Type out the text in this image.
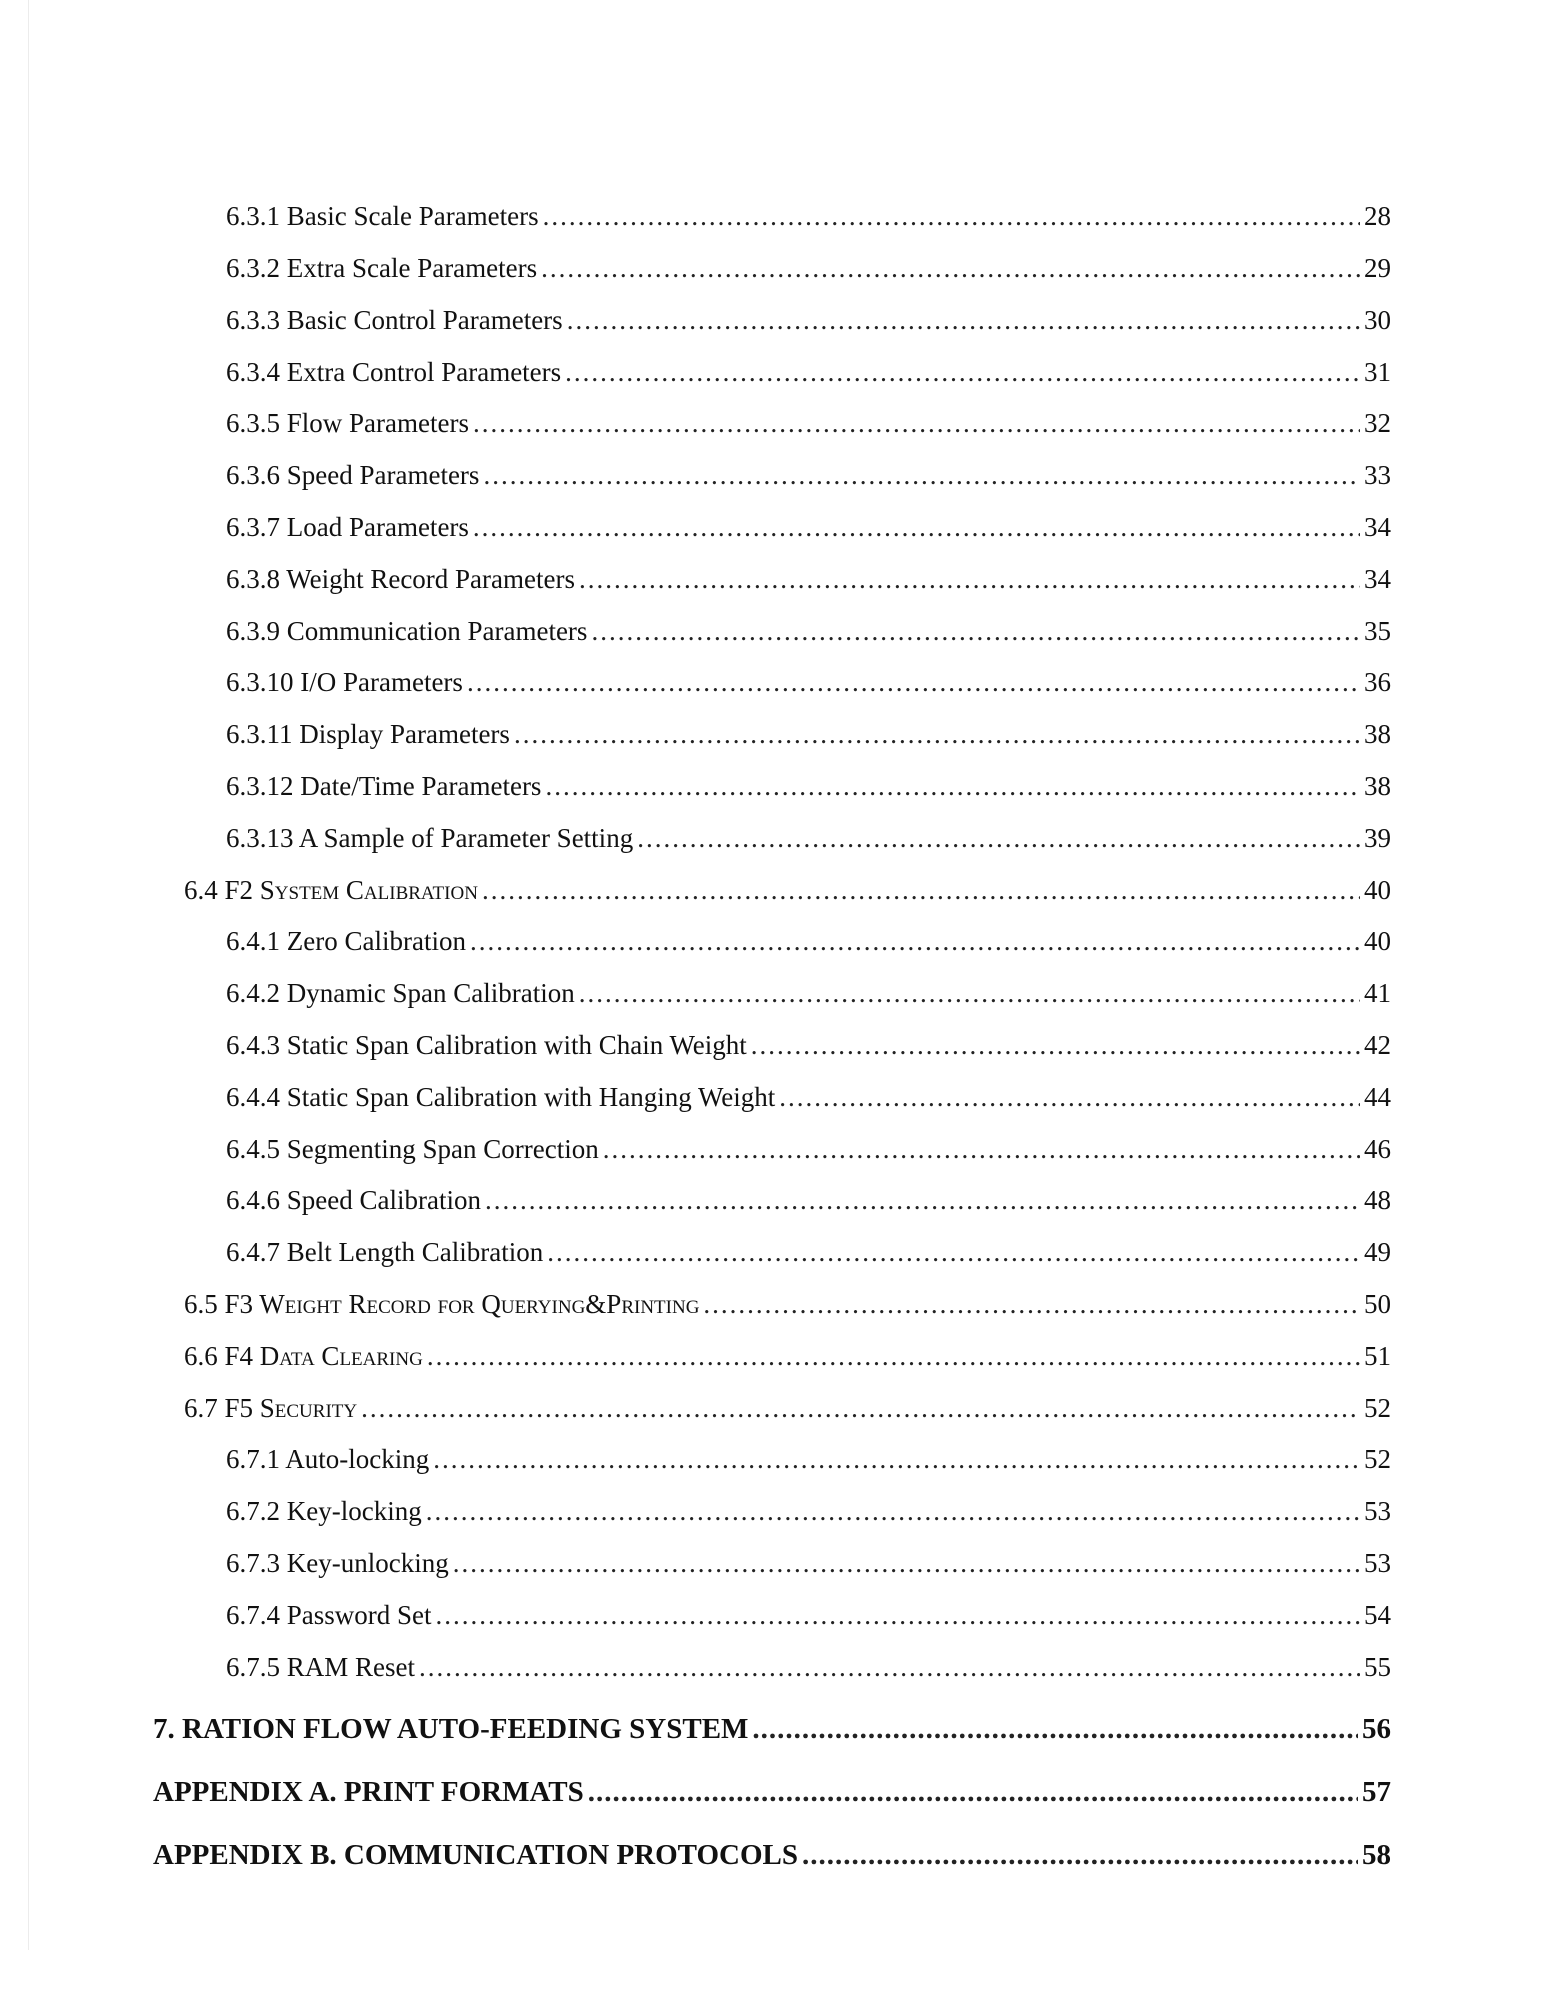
6.3.1 Basic Scale Parameters .....	28
6.3.2 Extra Scale Parameters .....	29
6.3.3 Basic Control Parameters .....	30
6.3.4 Extra Control Parameters .....	31
6.3.5 Flow Parameters .....	32
6.3.6 Speed Parameters .....	33
6.3.7 Load Parameters .....	34
6.3.8 Weight Record Parameters .....	34
6.3.9 Communication Parameters .....	35
6.3.10 I/O Parameters .....	36
6.3.11 Display Parameters .....	38
6.3.12 Date/Time Parameters .....	38
6.3.13 A Sample of Parameter Setting .....	39
6.4 F2 System Calibration .....	40
6.4.1 Zero Calibration .....	40
6.4.2 Dynamic Span Calibration .....	41
6.4.3 Static Span Calibration with Chain Weight .....	42
6.4.4 Static Span Calibration with Hanging Weight .....	44
6.4.5 Segmenting Span Correction .....	46
6.4.6 Speed Calibration .....	48
6.4.7 Belt Length Calibration .....	49
6.5 F3 Weight Record for Querying&Printing .....	50
6.6 F4 Data Clearing .....	51
6.7 F5 Security .....	52
6.7.1 Auto-locking .....	52
6.7.2 Key-locking .....	53
6.7.3 Key-unlocking .....	53
6.7.4 Password Set .....	54
6.7.5 RAM Reset .....	55
7. RATION FLOW AUTO-FEEDING SYSTEM .....	56
APPENDIX A. PRINT FORMATS .....	57
APPENDIX B. COMMUNICATION PROTOCOLS .....	58
